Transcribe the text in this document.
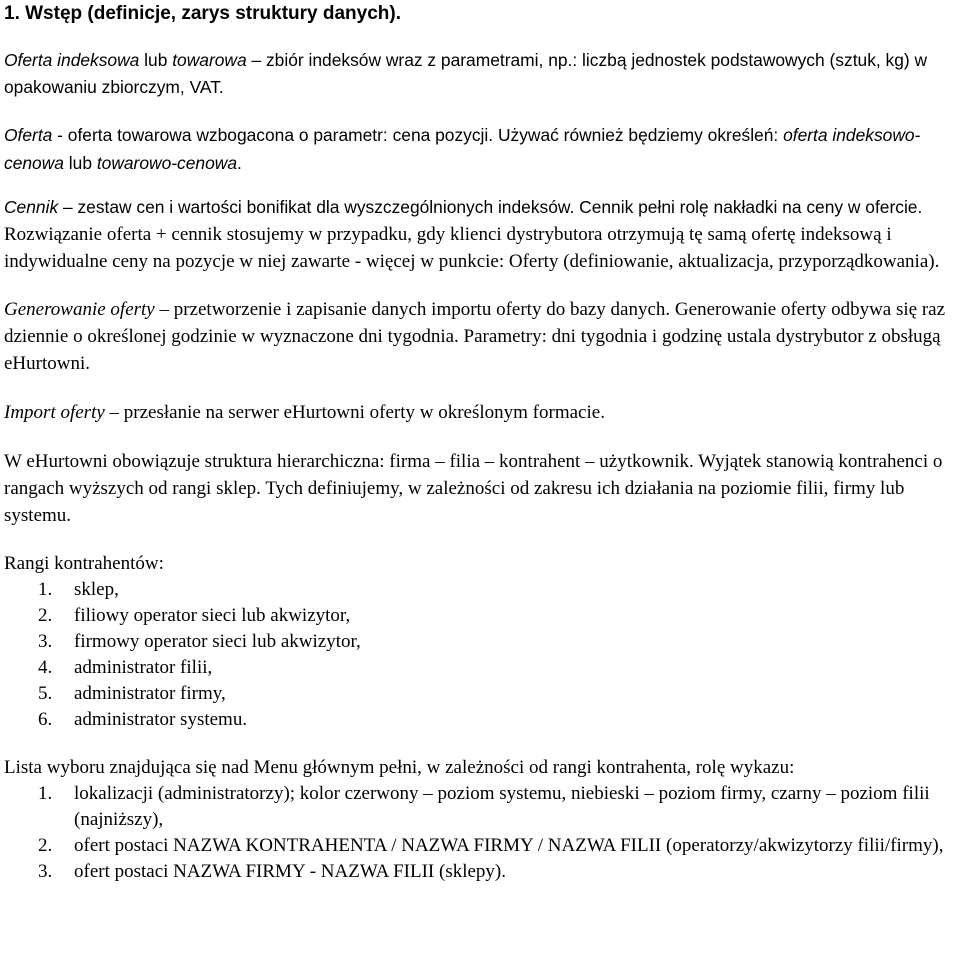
1. Wstęp (definicje, zarys struktury danych).

Oferta indeksowa lub towarowa – zbiór indeksów wraz z parametrami, np.: liczbą jednostek podstawowych (sztuk, kg) w opakowaniu zbiorczym, VAT.

Oferta - oferta towarowa wzbogacona o parametr: cena pozycji. Używać również będziemy określeń: oferta indeksowo-cenowa lub towarowo-cenowa.

Cennik – zestaw cen i wartości bonifikat dla wyszczególnionych indeksów. Cennik pełni rolę nakładki na ceny w ofercie. Rozwiązanie oferta + cennik stosujemy w przypadku, gdy klienci dystrybutora otrzymują tę samą ofertę indeksową i indywidualne ceny na pozycje w niej zawarte - więcej w punkcie: Oferty (definiowanie, aktualizacja, przyporządkowania).

Generowanie oferty – przetworzenie i zapisanie danych importu oferty do bazy danych. Generowanie oferty odbywa się raz dziennie o określonej godzinie w wyznaczone dni tygodnia. Parametry: dni tygodnia i godzinę ustala dystrybutor z obsługą eHurtowni.

Import oferty – przesłanie na serwer eHurtowni oferty w określonym formacie.

W eHurtowni obowiązuje struktura hierarchiczna: firma – filia – kontrahent – użytkownik. Wyjątek stanowią kontrahenci o rangach wyższych od rangi sklep. Tych definiujemy, w zależności od zakresu ich działania na poziomie filii, firmy lub systemu.

Rangi kontrahentów:

1. sklep,
2. filiowy operator sieci lub akwizytor,
3. firmowy operator sieci lub akwizytor,
4. administrator filii,
5. administrator firmy,
6. administrator systemu.

Lista wyboru znajdująca się nad Menu głównym pełni, w zależności od rangi kontrahenta, rolę wykazu:

1. lokalizacji (administratorzy); kolor czerwony – poziom systemu, niebieski – poziom firmy, czarny – poziom filii (najniższy),
2. ofert postaci NAZWA KONTRAHENTA / NAZWA FIRMY / NAZWA FILII (operatorzy/akwizytorzy filii/firmy),
3. ofert postaci NAZWA FIRMY - NAZWA FILII (sklepy).
